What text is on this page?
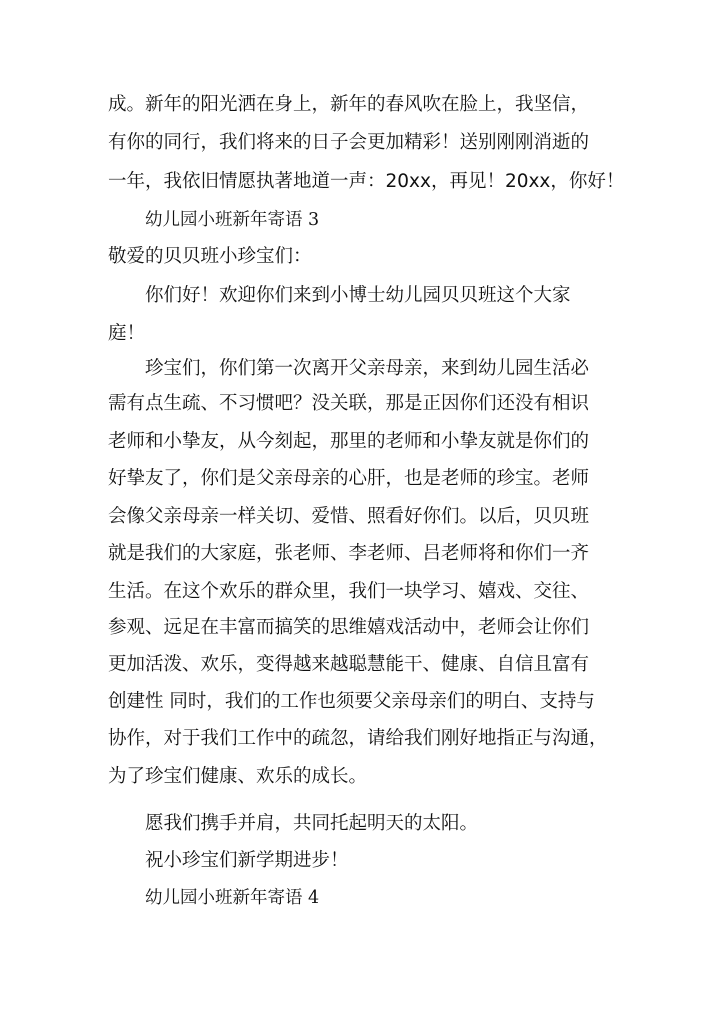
成。新年的阳光洒在身上，新年的春风吹在脸上，我坚信，
有你的同行，我们将来的日子会更加精彩！送别刚刚消逝的
一年，我依旧情愿执著地道一声：20xx，再见！20xx，你好！
幼儿园小班新年寄语 3
敬爱的贝贝班小珍宝们：
你们好！欢迎你们来到小博士幼儿园贝贝班这个大家
庭！
珍宝们，你们第一次离开父亲母亲，来到幼儿园生活必
需有点生疏、不习惯吧？没关联，那是正因你们还没有相识
老师和小挚友，从今刻起，那里的老师和小挚友就是你们的
好挚友了，你们是父亲母亲的心肝，也是老师的珍宝。老师
会像父亲母亲一样关切、爱惜、照看好你们。以后，贝贝班
就是我们的大家庭，张老师、李老师、吕老师将和你们一齐
生活。在这个欢乐的群众里，我们一块学习、嬉戏、交往、
参观、远足在丰富而搞笑的思维嬉戏活动中，老师会让你们
更加活泼、欢乐，变得越来越聪慧能干、健康、自信且富有
创建性 同时，我们的工作也须要父亲母亲们的明白、支持与
协作，对于我们工作中的疏忽，请给我们刚好地指正与沟通，
为了珍宝们健康、欢乐的成长。
愿我们携手并肩，共同托起明天的太阳。
祝小珍宝们新学期进步！
幼儿园小班新年寄语 4
